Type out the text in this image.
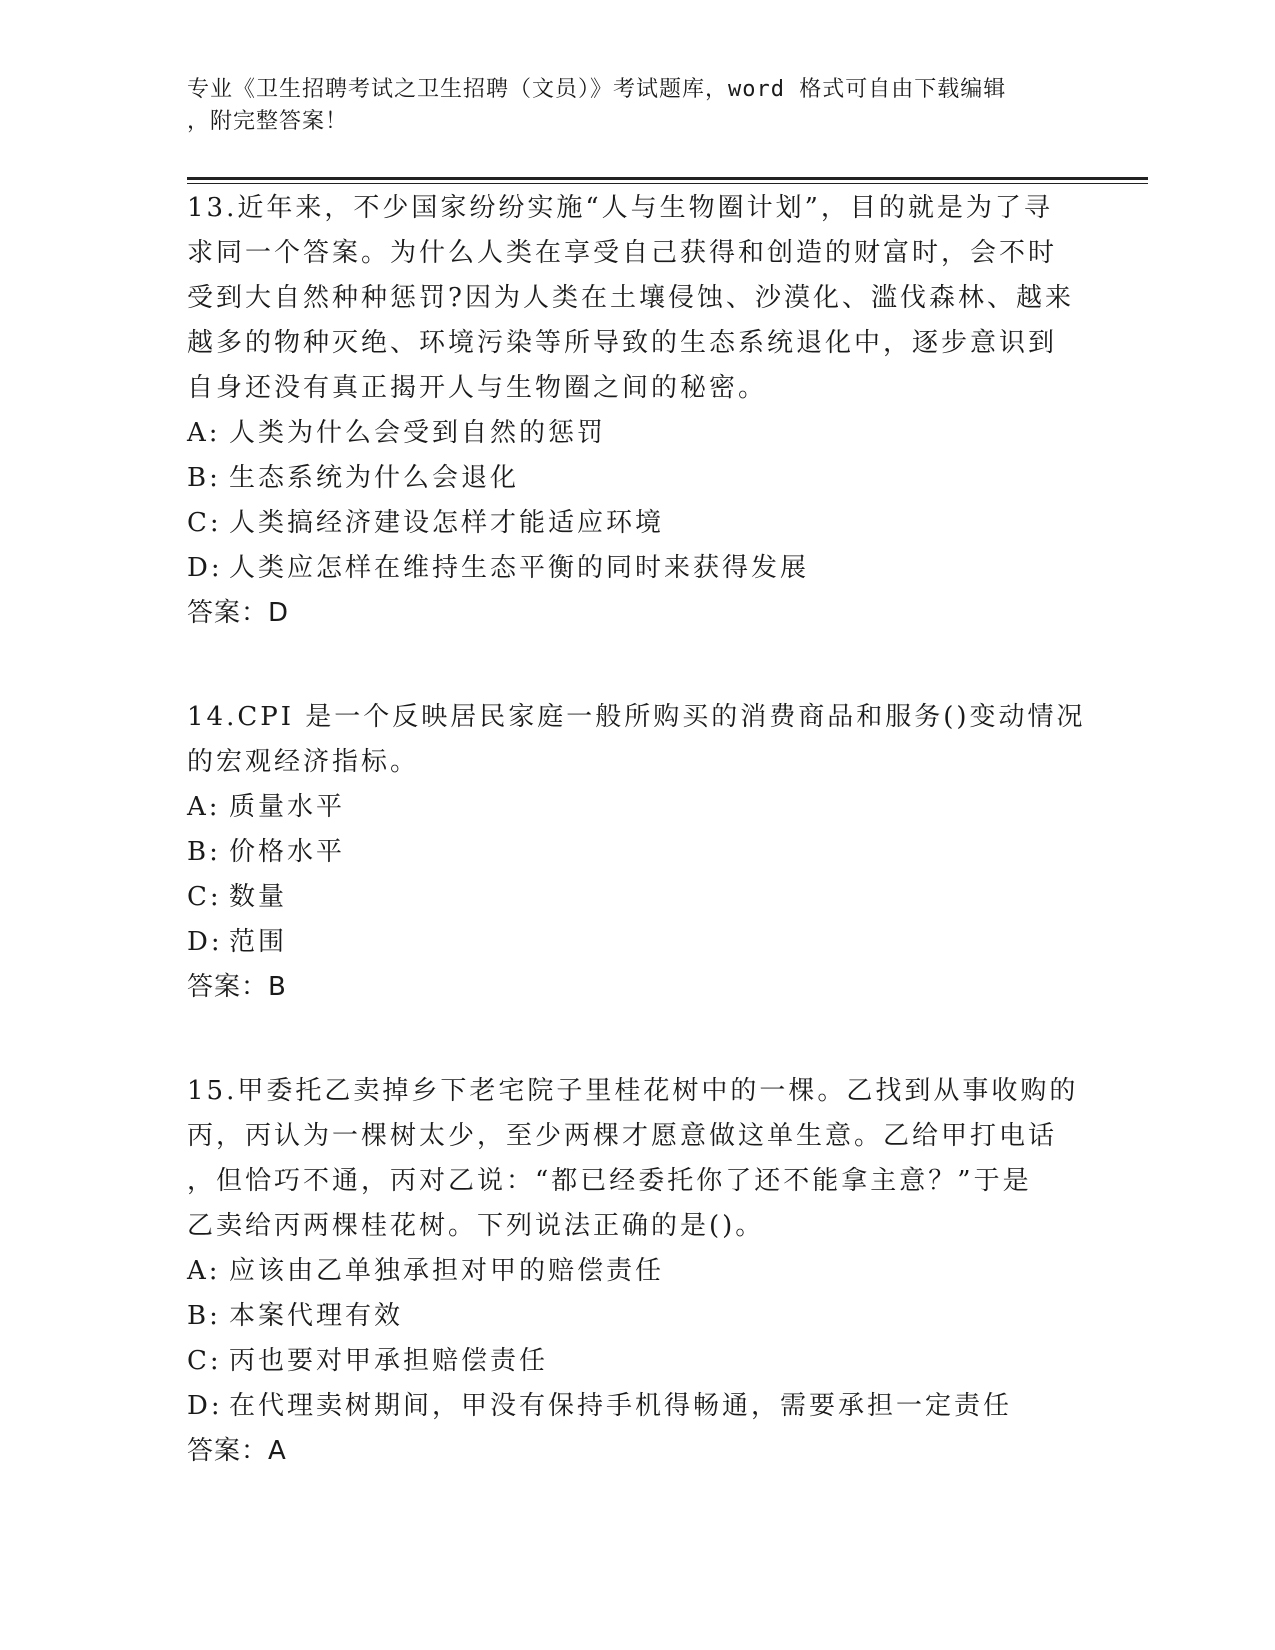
专业《卫生招聘考试之卫生招聘（文员）》考试题库，word 格式可自由下载编辑
，附完整答案！
13.近年来，不少国家纷纷实施“人与生物圈计划”，目的就是为了寻
求同一个答案。为什么人类在享受自己获得和创造的财富时，会不时
受到大自然种种惩罚?因为人类在土壤侵蚀、沙漠化、滥伐森林、越来
越多的物种灭绝、环境污染等所导致的生态系统退化中，逐步意识到
自身还没有真正揭开人与生物圈之间的秘密。
A: 人类为什么会受到自然的惩罚
B: 生态系统为什么会退化
C: 人类搞经济建设怎样才能适应环境
D: 人类应怎样在维持生态平衡的同时来获得发展
答案：D
14.CPI 是一个反映居民家庭一般所购买的消费商品和服务()变动情况
的宏观经济指标。
A: 质量水平
B: 价格水平
C: 数量
D: 范围
答案：B
15.甲委托乙卖掉乡下老宅院子里桂花树中的一棵。乙找到从事收购的
丙，丙认为一棵树太少，至少两棵才愿意做这单生意。乙给甲打电话
，但恰巧不通，丙对乙说：“都已经委托你了还不能拿主意？”于是
乙卖给丙两棵桂花树。下列说法正确的是()。
A: 应该由乙单独承担对甲的赔偿责任
B: 本案代理有效
C: 丙也要对甲承担赔偿责任
D: 在代理卖树期间，甲没有保持手机得畅通，需要承担一定责任
答案：A
